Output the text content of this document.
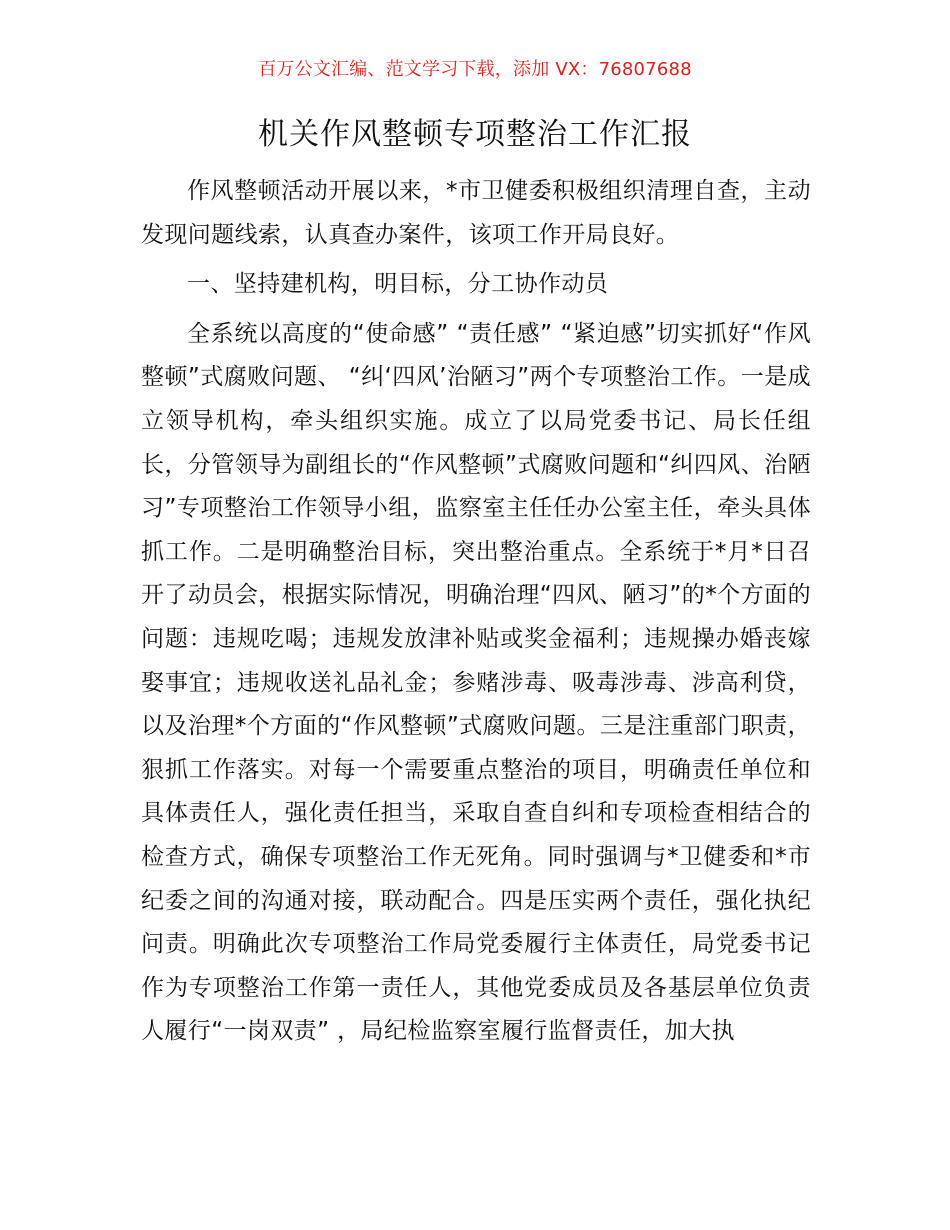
百万公文汇编、范文学习下载，添加 VX：76807688
机关作风整顿专项整治工作汇报

作风整顿活动开展以来，*市卫健委积极组织清理自查，主动发现问题线索，认真查办案件，该项工作开局良好。

一、坚持建机构，明目标，分工协作动员

全系统以高度的“使命感” “责任感” “紧迫感”切实抓好“作风整顿”式腐败问题、 “纠‘四风’治陋习”两个专项整治工作。一是成立领导机构，牵头组织实施。成立了以局党委书记、局长任组长，分管领导为副组长的“作风整顿”式腐败问题和“纠四风、治陋习”专项整治工作领导小组，监察室主任任办公室主任，牵头具体抓工作。二是明确整治目标，突出整治重点。全系统于*月*日召开了动员会，根据实际情况，明确治理“四风、陋习”的*个方面的问题：违规吃喝；违规发放津补贴或奖金福利；违规操办婚丧嫁娶事宜；违规收送礼品礼金；参赌涉毒、吸毒涉毒、涉高利贷，以及治理*个方面的“作风整顿”式腐败问题。三是注重部门职责，狠抓工作落实。对每一个需要重点整治的项目，明确责任单位和具体责任人，强化责任担当，采取自查自纠和专项检查相结合的检查方式，确保专项整治工作无死角。同时强调与*卫健委和*市纪委之间的沟通对接，联动配合。四是压实两个责任，强化执纪问责。明确此次专项整治工作局党委履行主体责任，局党委书记作为专项整治工作第一责任人，其他党委成员及各基层单位负责人履行“一岗双责” ，局纪检监察室履行监督责任，加大执
